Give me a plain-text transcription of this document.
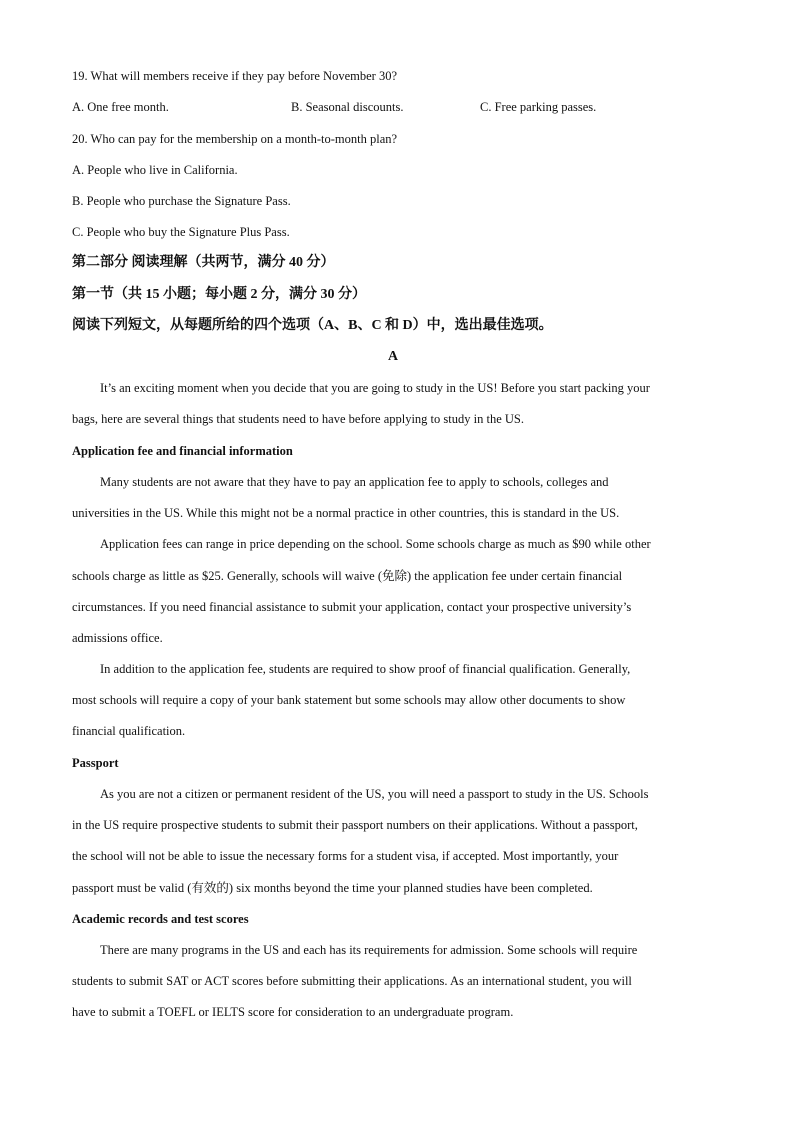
19. What will members receive if they pay before November 30?
A. One free month.	B. Seasonal discounts.	C. Free parking passes.
20. Who can pay for the membership on a month-to-month plan?
A. People who live in California.
B. People who purchase the Signature Pass.
C. People who buy the Signature Plus Pass.
第二部分 阅读理解（共两节，满分 40 分）
第一节（共 15 小题；每小题 2 分，满分 30 分）
阅读下列短文，从每题所给的四个选项（A、B、C 和 D）中，选出最佳选项。
A
It’s an exciting moment when you decide that you are going to study in the US! Before you start packing your
bags, here are several things that students need to have before applying to study in the US.
Application fee and financial information
Many students are not aware that they have to pay an application fee to apply to schools, colleges and
universities in the US. While this might not be a normal practice in other countries, this is standard in the US.
Application fees can range in price depending on the school. Some schools charge as much as $90 while other
schools charge as little as $25. Generally, schools will waive (免除) the application fee under certain financial
circumstances. If you need financial assistance to submit your application, contact your prospective university’s
admissions office.
In addition to the application fee, students are required to show proof of financial qualification. Generally,
most schools will require a copy of your bank statement but some schools may allow other documents to show
financial qualification.
Passport
As you are not a citizen or permanent resident of the US, you will need a passport to study in the US. Schools
in the US require prospective students to submit their passport numbers on their applications. Without a passport,
the school will not be able to issue the necessary forms for a student visa, if accepted. Most importantly, your
passport must be valid (有效的) six months beyond the time your planned studies have been completed.
Academic records and test scores
There are many programs in the US and each has its requirements for admission. Some schools will require
students to submit SAT or ACT scores before submitting their applications. As an international student, you will
have to submit a TOEFL or IELTS score for consideration to an undergraduate program.
